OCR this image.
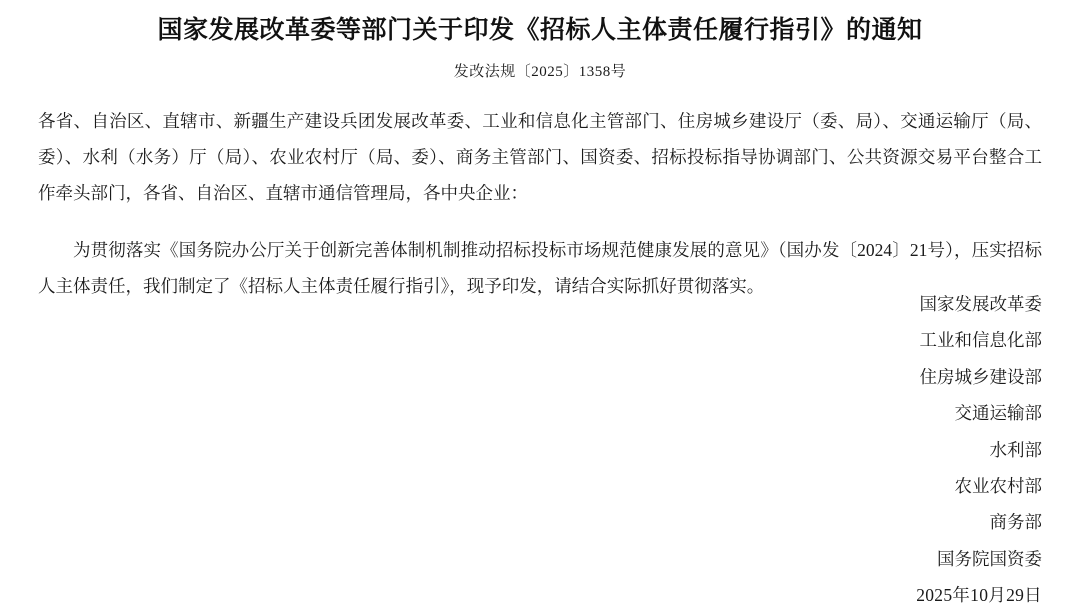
国家发展改革委等部门关于印发《招标人主体责任履行指引》的通知

发改法规〔2025〕1358号

各省、自治区、直辖市、新疆生产建设兵团发展改革委、工业和信息化主管部门、住房城乡建设厅（委、局）、交通运输厅（局、委）、水利（水务）厅（局）、农业农村厅（局、委）、商务主管部门、国资委、招标投标指导协调部门、公共资源交易平台整合工作牵头部门，各省、自治区、直辖市通信管理局，各中央企业：

为贯彻落实《国务院办公厅关于创新完善体制机制推动招标投标市场规范健康发展的意见》（国办发〔2024〕21号），压实招标人主体责任，我们制定了《招标人主体责任履行指引》，现予印发，请结合实际抓好贯彻落实。

国家发展改革委
工业和信息化部
住房城乡建设部
交通运输部
水利部
农业农村部
商务部
国务院国资委
2025年10月29日
